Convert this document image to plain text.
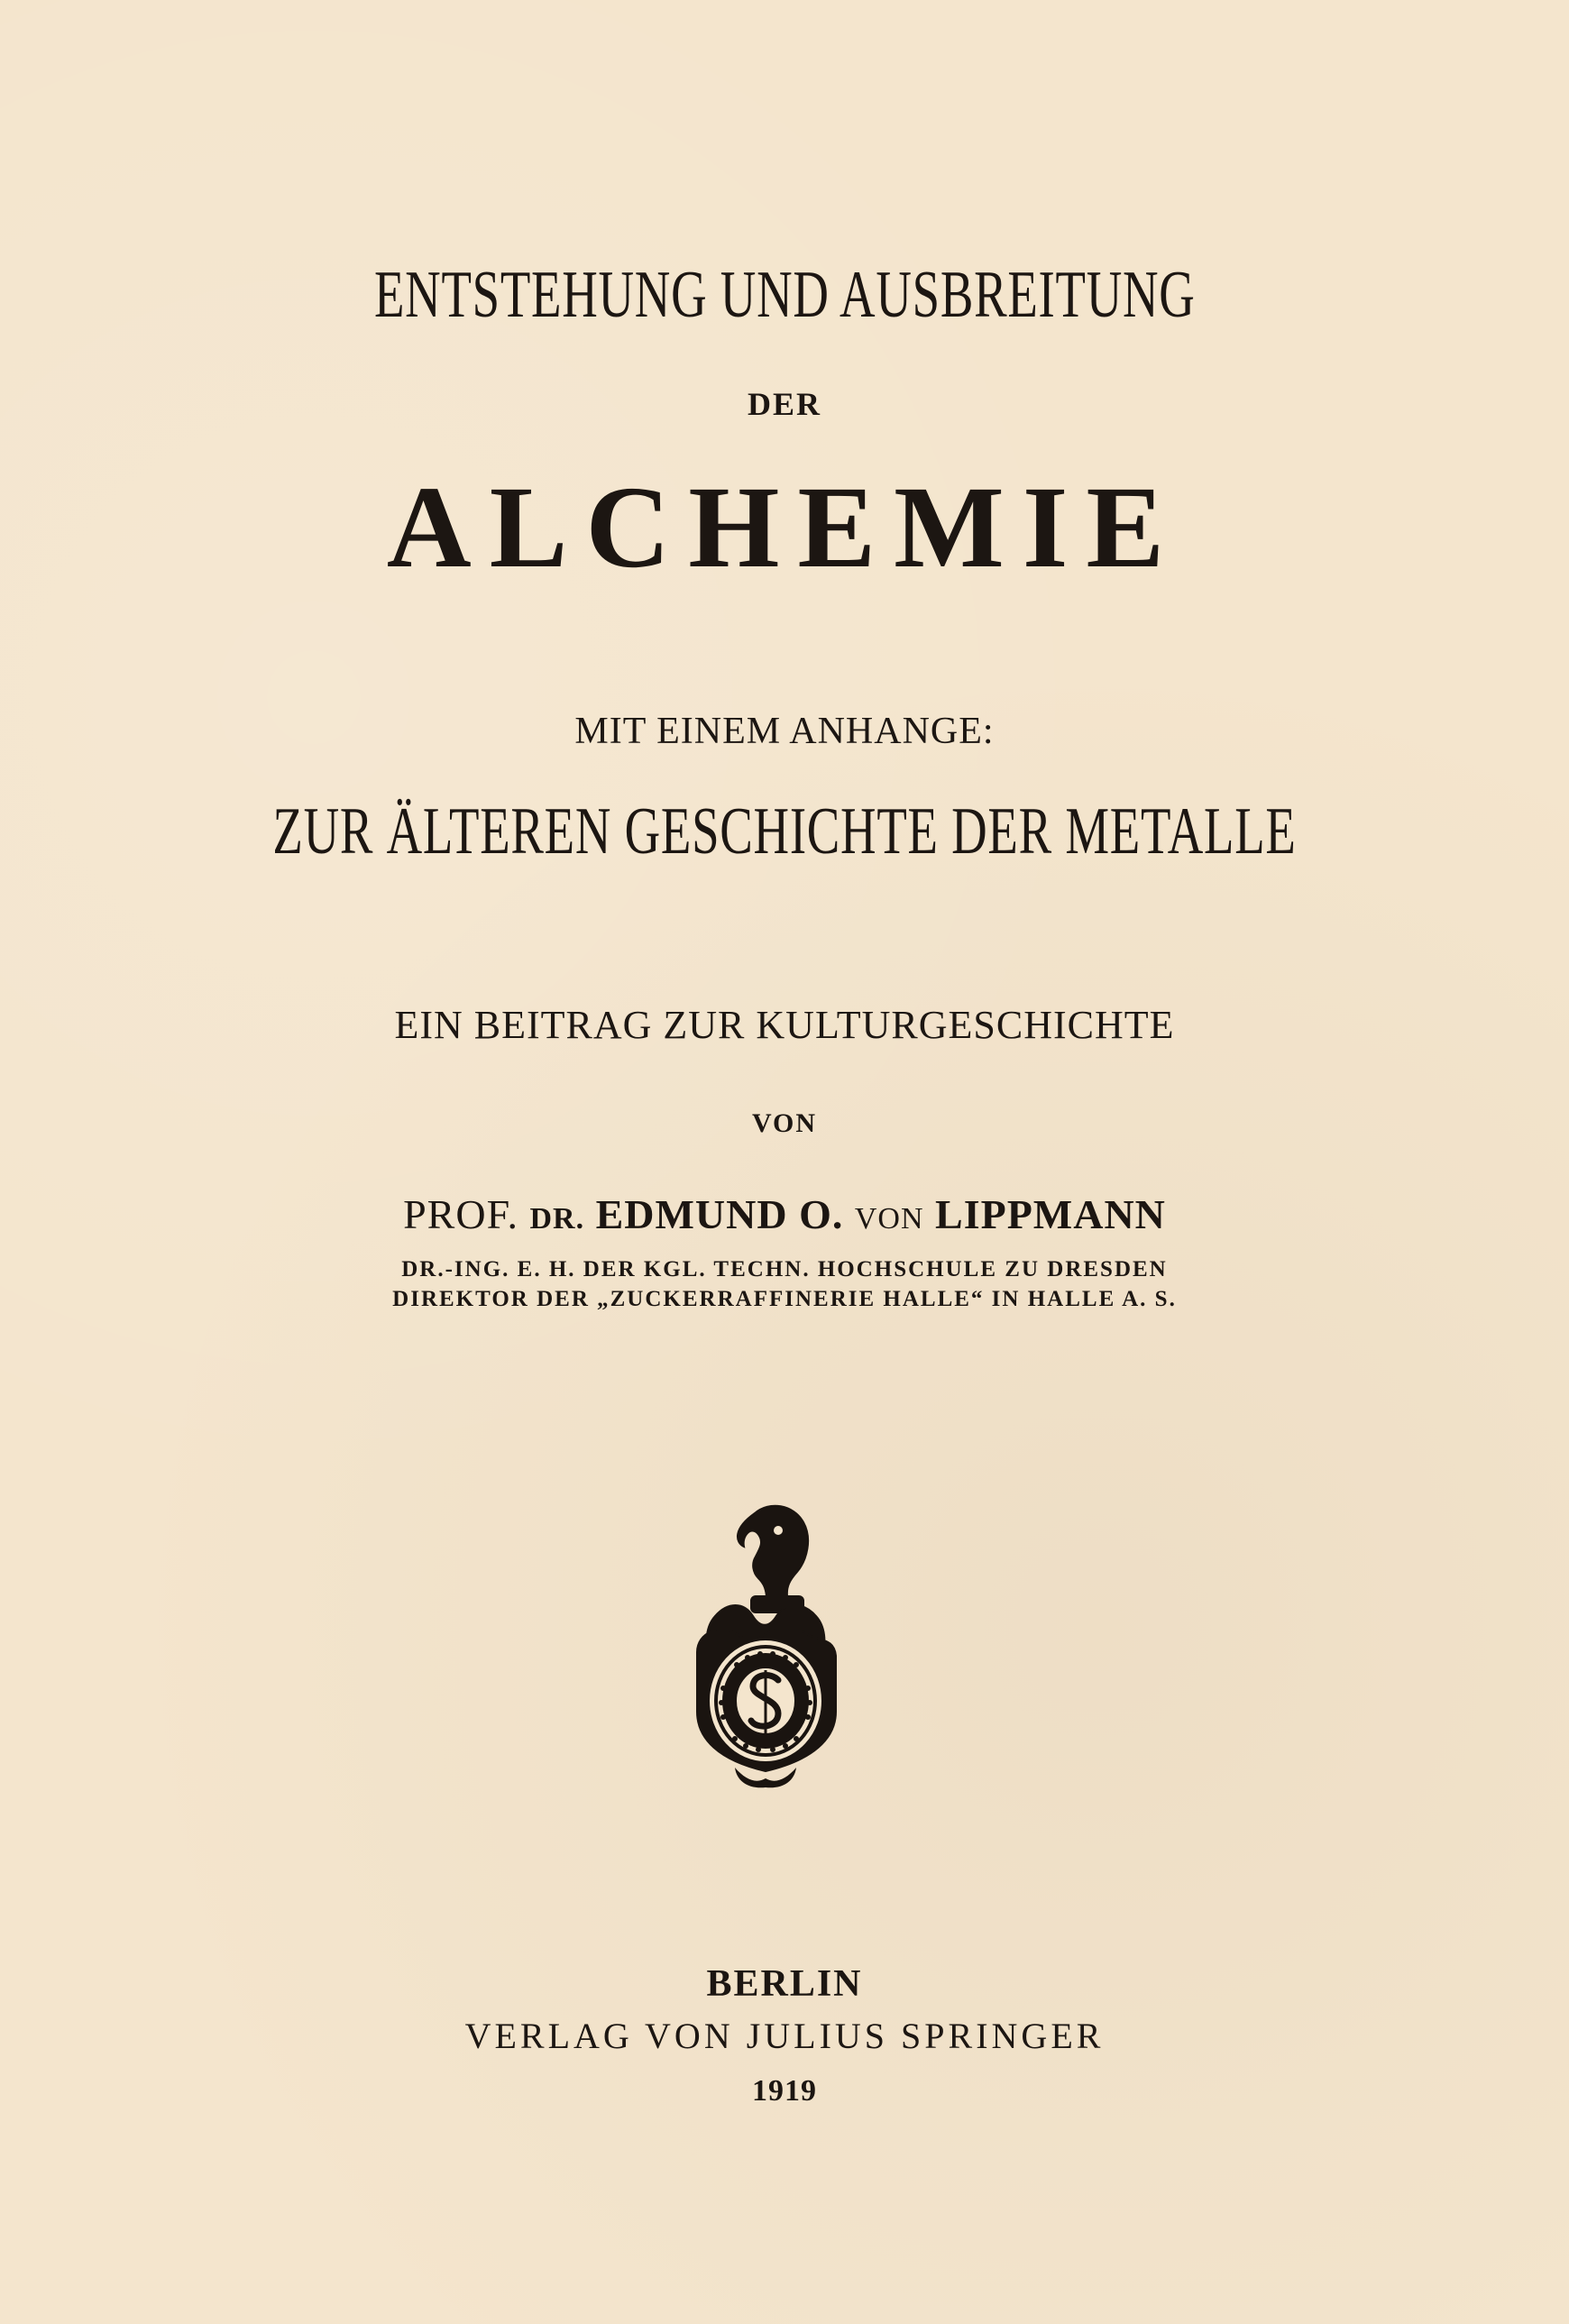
ENTSTEHUNG UND AUSBREITUNG
DER
ALCHEMIE
MIT EINEM ANHANGE:
ZUR ÄLTEREN GESCHICHTE DER METALLE
EIN BEITRAG ZUR KULTURGESCHICHTE
VON
PROF. DR. EDMUND O. VON LIPPMANN
DR.-ING. E. H. DER KGL. TECHN. HOCHSCHULE ZU DRESDEN
DIREKTOR DER „ZUCKERRAFFINERIE HALLE“ IN HALLE A. S.
BERLIN
VERLAG VON JULIUS SPRINGER
1919
